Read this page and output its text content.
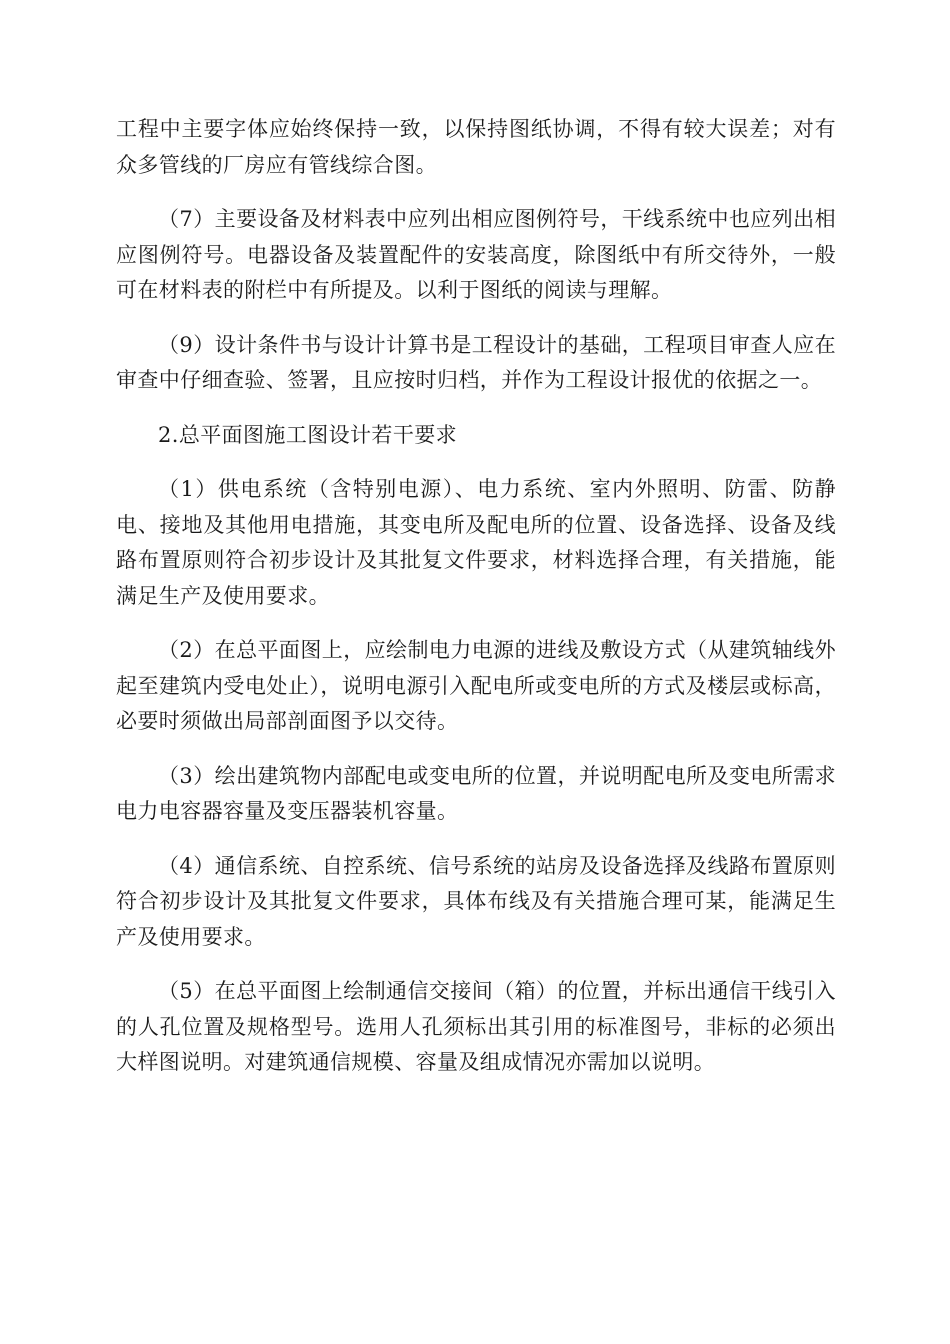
工程中主要字体应始终保持一致，以保持图纸协调，不得有较大误差；对有众多管线的厂房应有管线综合图。

（7）主要设备及材料表中应列出相应图例符号，干线系统中也应列出相应图例符号。电器设备及装置配件的安装高度，除图纸中有所交待外，一般可在材料表的附栏中有所提及。以利于图纸的阅读与理解。

（9）设计条件书与设计计算书是工程设计的基础，工程项目审查人应在审查中仔细查验、签署，且应按时归档，并作为工程设计报优的依据之一。

2.总平面图施工图设计若干要求

（1）供电系统（含特别电源）、电力系统、室内外照明、防雷、防静电、接地及其他用电措施，其变电所及配电所的位置、设备选择、设备及线路布置原则符合初步设计及其批复文件要求，材料选择合理，有关措施，能满足生产及使用要求。

（2）在总平面图上，应绘制电力电源的进线及敷设方式（从建筑轴线外起至建筑内受电处止），说明电源引入配电所或变电所的方式及楼层或标高，必要时须做出局部剖面图予以交待。

（3）绘出建筑物内部配电或变电所的位置，并说明配电所及变电所需求电力电容器容量及变压器装机容量。

（4）通信系统、自控系统、信号系统的站房及设备选择及线路布置原则符合初步设计及其批复文件要求，具体布线及有关措施合理可某，能满足生产及使用要求。

（5）在总平面图上绘制通信交接间（箱）的位置，并标出通信干线引入的人孔位置及规格型号。选用人孔须标出其引用的标准图号，非标的必须出大样图说明。对建筑通信规模、容量及组成情况亦需加以说明。
